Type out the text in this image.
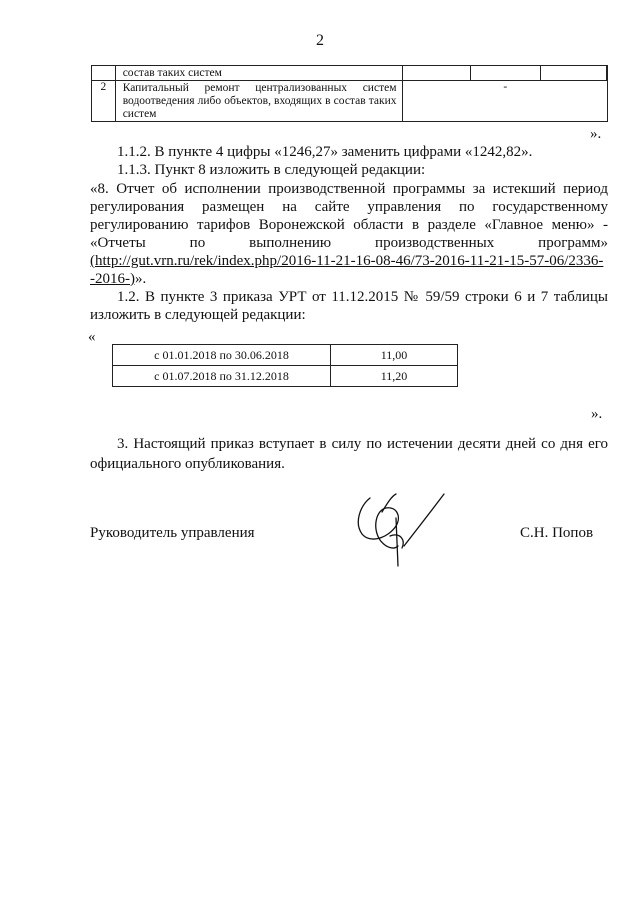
2
	состав таких систем				
2	Капитальный ремонт централизованных систем водоотведения либо объектов, входящих в состав таких систем	-			
».
1.1.2. В пункте 4 цифры «1246,27» заменить цифрами «1242,82».
1.1.3. Пункт 8 изложить в следующей редакции:
«8. Отчет об исполнении производственной программы за истекший период
регулирования размещен на сайте управления по государственному
регулированию тарифов Воронежской области в разделе «Главное меню» -
«Отчеты по выполнению производственных программ»
(http://gut.vrn.ru/rek/index.php/2016-11-21-16-08-46/73-2016-11-21-15-57-06/2336-
-2016-)».
1.2. В пункте 3 приказа УРТ от 11.12.2015 № 59/59 строки 6 и 7 таблицы
изложить в следующей редакции:
«
с 01.01.2018 по 30.06.2018	11,00
с 01.07.2018 по 31.12.2018	11,20
».
3. Настоящий приказ вступает в силу по истечении десяти дней со дня его
официального опубликования.
Руководитель управления	С.Н. Попов
